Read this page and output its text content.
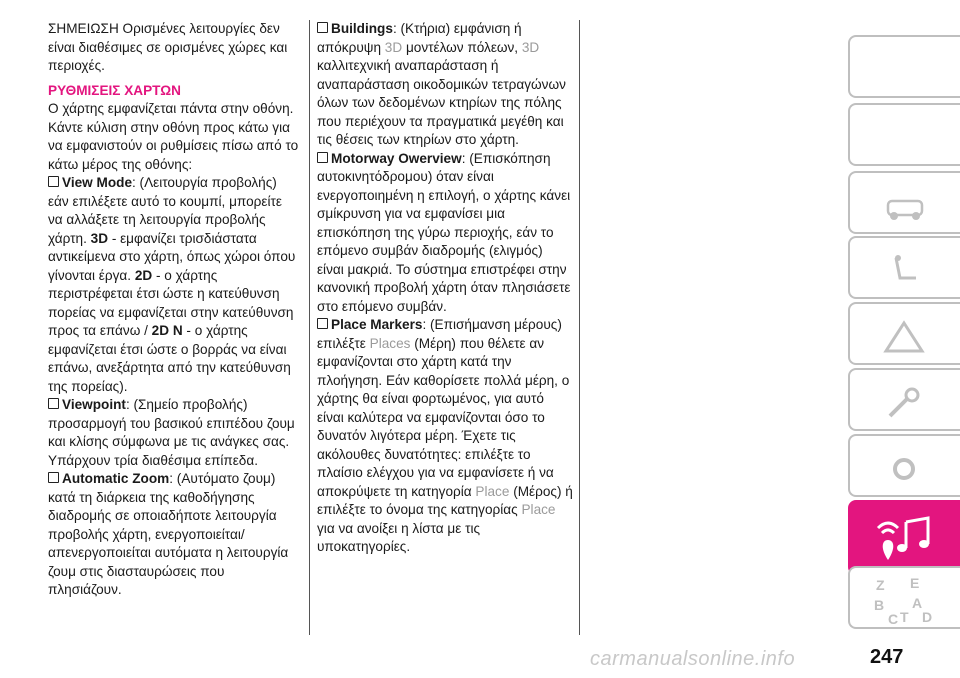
ΣΗΜΕΙΩΣΗ Ορισμένες λειτουργίες δεν είναι διαθέσιμες σε ορισμένες χώρες και περιοχές.

ΡΥΘΜΙΣΕΙΣ ΧΑΡΤΩΝ

Ο χάρτης εμφανίζεται πάντα στην οθόνη. Κάντε κύλιση στην οθόνη προς κάτω για να εμφανιστούν οι ρυθμίσεις πίσω από το κάτω μέρος της οθόνης:

View Mode: (Λειτουργία προβολής) εάν επιλέξετε αυτό το κουμπί, μπορείτε να αλλάξετε τη λειτουργία προβολής χάρτη. 3D - εμφανίζει τρισδιάστατα αντικείμενα στο χάρτη, όπως χώροι όπου γίνονται έργα. 2D - ο χάρτης περιστρέφεται έτσι ώστε η κατεύθυνση πορείας να εμφανίζεται στην κατεύθυνση προς τα επάνω / 2D N - ο χάρτης εμφανίζεται έτσι ώστε ο βορράς να είναι επάνω, ανεξάρτητα από την κατεύθυνση της πορείας).

Viewpoint: (Σημείο προβολής) προσαρμογή του βασικού επιπέδου ζουμ και κλίσης σύμφωνα με τις ανάγκες σας. Υπάρχουν τρία διαθέσιμα επίπεδα.

Automatic Zoom: (Αυτόματο ζουμ) κατά τη διάρκεια της καθοδήγησης διαδρομής σε οποιαδήποτε λειτουργία προβολής χάρτη, ενεργοποιείται/ απενεργοποιείται αυτόματα η λειτουργία ζουμ στις διασταυρώσεις που πλησιάζουν.

Buildings: (Κτήρια) εμφάνιση ή απόκρυψη 3D μοντέλων πόλεων, 3D καλλιτεχνική αναπαράσταση ή αναπαράσταση οικοδομικών τετραγώνων όλων των δεδομένων κτηρίων της πόλης που περιέχουν τα πραγματικά μεγέθη και τις θέσεις των κτηρίων στο χάρτη.

Motorway Owerview: (Επισκόπηση αυτοκινητόδρομου) όταν είναι ενεργοποιημένη η επιλογή, ο χάρτης κάνει σμίκρυνση για να εμφανίσει μια επισκόπηση της γύρω περιοχής, εάν το επόμενο συμβάν διαδρομής (ελιγμός) είναι μακριά. Το σύστημα επιστρέφει στην κανονική προβολή χάρτη όταν πλησιάσετε στο επόμενο συμβάν.

Place Markers: (Επισήμανση μέρους) επιλέξτε Places (Μέρη) που θέλετε αν εμφανίζονται στο χάρτη κατά την πλοήγηση. Εάν καθορίσετε πολλά μέρη, ο χάρτης θα είναι φορτωμένος, για αυτό είναι καλύτερα να εμφανίζονται όσο το δυνατόν λιγότερα μέρη. Έχετε τις ακόλουθες δυνατότητες: επιλέξτε το πλαίσιο ελέγχου για να εμφανίσετε ή να αποκρύψετε τη κατηγορία Place (Μέρος) ή επιλέξτε το όνομα της κατηγορίας Place για να ανοίξει η λίστα με τις υποκατηγορίες.

Z E
B A
C T D
carmanualsonline.info	247
